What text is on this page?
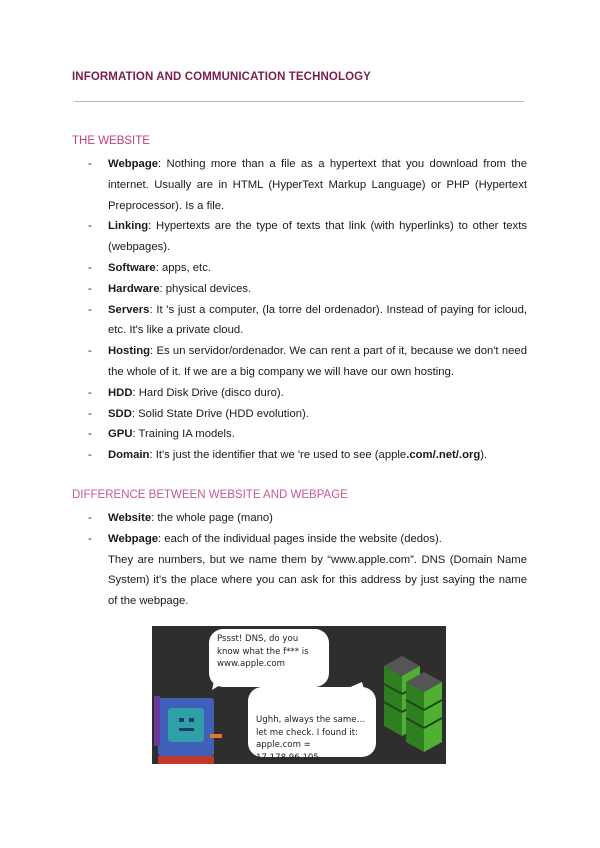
INFORMATION AND COMMUNICATION TECHNOLOGY
THE WEBSITE
- Webpage: Nothing more than a file as a hypertext that you download from the internet. Usually are in HTML (HyperText Markup Language) or PHP (Hypertext Preprocessor). Is a file.
- Linking: Hypertexts are the type of texts that link (with hyperlinks) to other texts (webpages).
- Software: apps, etc.
- Hardware: physical devices.
- Servers: It 's just a computer, (la torre del ordenador). Instead of paying for icloud, etc. It's like a private cloud.
- Hosting: Es un servidor/ordenador. We can rent a part of it, because we don't need the whole of it. If we are a big company we will have our own hosting.
- HDD: Hard Disk Drive (disco duro).
- SDD: Solid State Drive (HDD evolution).
- GPU: Training IA models.
- Domain: It's just the identifier that we 're used to see (apple.com/.net/.org).
DIFFERENCE BETWEEN WEBSITE AND WEBPAGE
- Website: the whole page (mano)
- Webpage: each of the individual pages inside the website (dedos).
They are numbers, but we name them by “www.apple.com”. DNS (Domain Name System) it's the place where you can ask for this address by just saying the name of the webpage.
Pssst! DNS, do you know what the f*** is www.apple.com
Ughh, always the same… let me check. I found it: apple.com = 17.178.96.105
